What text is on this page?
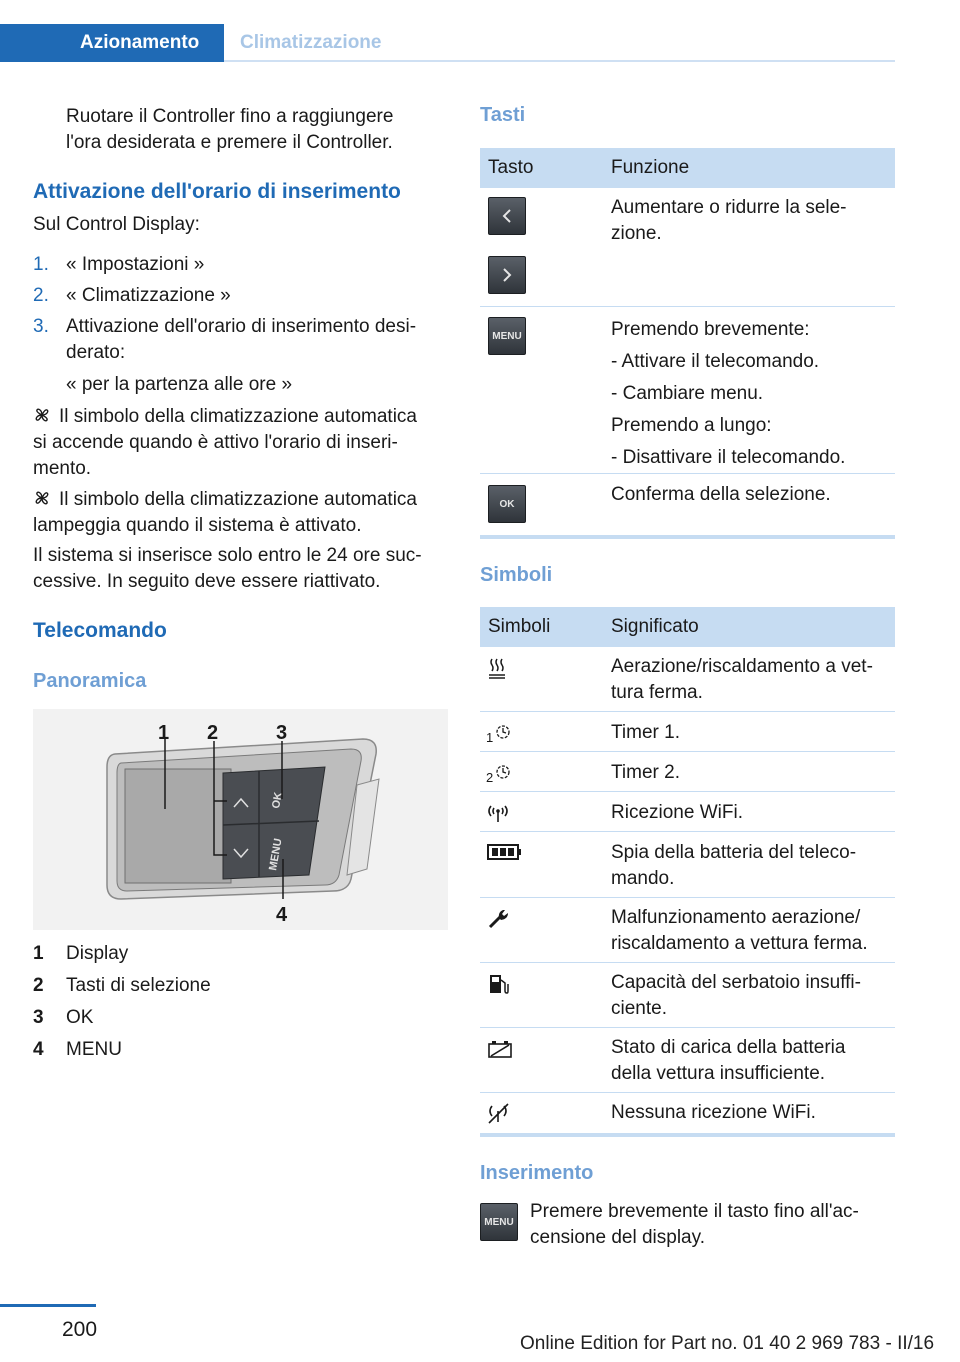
Azionamento	Climatizzazione
Ruotare il Controller fino a raggiungere
l'ora desiderata e premere il Controller.
Attivazione dell'orario di inserimento
Sul Control Display:
1. « Impostazioni »
2. « Climatizzazione »
3. Attivazione dell'orario di inserimento desi-
derato:
« per la partenza alle ore »
Il simbolo della climatizzazione automatica
si accende quando è attivo l'orario di inseri-
mento.
Il simbolo della climatizzazione automatica
lampeggia quando il sistema è attivato.
Il sistema si inserisce solo entro le 24 ore suc-
cessive. In seguito deve essere riattivato.
Telecomando
Panoramica
OK
MENU
1 2	3
4
1 Display
2 Tasti di selezione
3 OK
4 MENU
Tasti
Tasto	Funzione
Aumentare o ridurre la sele-
zione.
MENU	Premendo brevemente:
- Attivare il telecomando.
- Cambiare menu.
Premendo a lungo:
- Disattivare il telecomando.
OK	Conferma della selezione.
Simboli
Simboli	Significato
Aerazione/riscaldamento a vet-
tura ferma.
1	Timer 1.
2	Timer 2.
Ricezione WiFi.
Spia della batteria del teleco-
mando.
Malfunzionamento aerazione/
riscaldamento a vettura ferma.
Capacità del serbatoio insuffi-
ciente.
Stato di carica della batteria
della vettura insufficiente.
Nessuna ricezione WiFi.
Inserimento
MENU Premere brevemente il tasto fino all'ac-
censione del display.
200
Online Edition for Part no. 01 40 2 969 783 - II/16
